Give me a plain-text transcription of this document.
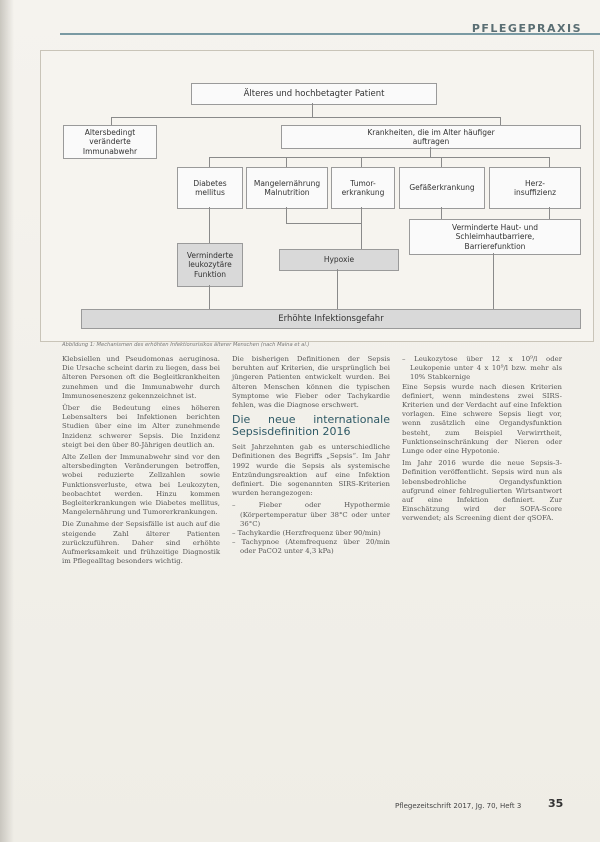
PFLEGEPRAXIS
Älteres und hochbetagter Patient
Altersbedingt
veränderte
Immunabwehr
Krankheiten, die im Alter häufiger
auftragen
Diabetes
mellitus
Mangelernährung
Malnutrition
Tumor-
erkrankung
Gefäßerkrankung
Herz-
insuffizienz
Verminderte Haut- und
Schleimhautbarriere,
Barrierefunktion
Verminderte
leukozytäre
Funktion
Hypoxie
Erhöhte Infektionsgefahr
Abbildung 1: Mechanismen des erhöhten Infektionsrisikos älterer Menschen (nach Maina et al.)

Klebsiellen und Pseudomonas aeruginosa. Die Ursache scheint darin zu liegen, dass bei älteren Personen oft die Begleitkrankheiten zunehmen und die Immunabwehr durch Immunoseneszenz gekennzeichnet ist.

Über die Bedeutung eines höheren Lebensalters bei Infektionen berichten Studien über eine im Alter zunehmende Inzidenz schwerer Sepsis. Die Inzidenz steigt bei den über 80-Jährigen deutlich an.

Alte Zellen der Immunabwehr sind vor den altersbedingten Veränderungen betroffen, wobei reduzierte Zellzahlen sowie Funktionsverluste, etwa bei Leukozyten, beobachtet werden. Hinzu kommen Begleiterkrankungen wie Diabetes mellitus, Mangelernährung und Tumorerkrankungen.

Die Zunahme der Sepsisfälle ist auch auf die steigende Zahl älterer Patienten zurückzuführen. Daher sind erhöhte Aufmerksamkeit und frühzeitige Diagnostik im Pflegealltag besonders wichtig.

Die bisherigen Definitionen der Sepsis beruhten auf Kriterien, die ursprünglich bei jüngeren Patienten entwickelt wurden. Bei älteren Menschen können die typischen Symptome wie Fieber oder Tachykardie fehlen, was die Diagnose erschwert.

Die neue internationale Sepsisdefinition 2016

Seit Jahrzehnten gab es unterschiedliche Definitionen des Begriffs „Sepsis“. Im Jahr 1992 wurde die Sepsis als systemische Entzündungsreaktion auf eine Infektion definiert. Die sogenannten SIRS-Kriterien wurden herangezogen:

– Fieber oder Hypothermie (Körpertemperatur über 38°C oder unter 36°C)
– Tachykardie (Herzfrequenz über 90/min)
– Tachypnoe (Atemfrequenz über 20/min oder PaCO2 unter 4,3 kPa)
– Leukozytose über 12 x 10⁹/l oder Leukopenie unter 4 x 10⁹/l bzw. mehr als 10% Stabkernige

Eine Sepsis wurde nach diesen Kriterien definiert, wenn mindestens zwei SIRS-Kriterien und der Verdacht auf eine Infektion vorlagen. Eine schwere Sepsis liegt vor, wenn zusätzlich eine Organdysfunktion besteht, zum Beispiel Verwirrtheit, Funktionseinschränkung der Nieren oder Lunge oder eine Hypotonie.

Im Jahr 2016 wurde die neue Sepsis-3-Definition veröffentlicht. Sepsis wird nun als lebensbedrohliche Organdysfunktion aufgrund einer fehlregulierten Wirtsantwort auf eine Infektion definiert. Zur Einschätzung wird der SOFA-Score verwendet; als Screening dient der qSOFA.

Pflegezeitschrift 2017, Jg. 70, Heft 3 35
